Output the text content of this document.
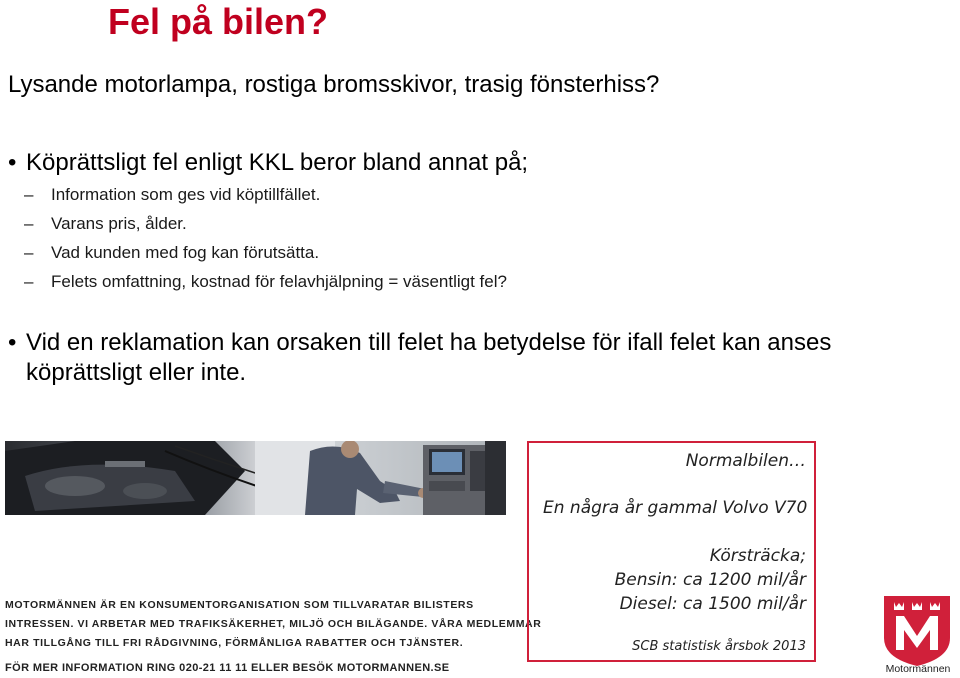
Fel på bilen?

Lysande motorlampa, rostiga bromsskivor, trasig fönsterhiss?

• Köprättsligt fel enligt KKL beror bland annat på;
–	Information som ges vid köptillfället.
–	Varans pris, ålder.
–	Vad kunden med fog kan förutsätta.
–	Felets omfattning, kostnad för felavhjälpning = väsentligt fel?
• Vid en reklamation kan orsaken till felet ha betydelse för ifall felet kan anses köprättsligt eller inte.
MOTORMÄNNEN ÄR EN KONSUMENTORGANISATION SOM TILLVARATAR BILISTERS
INTRESSEN. VI ARBETAR MED TRAFIKSÄKERHET, MILJÖ OCH BILÄGANDE. VÅRA MEDLEMMAR
HAR TILLGÅNG TILL FRI RÅDGIVNING, FÖRMÅNLIGA RABATTER OCH TJÄNSTER.
FÖR MER INFORMATION RING 020-21 11 11 ELLER BESÖK MOTORMANNEN.SE
Normalbilen…
En några år gammal Volvo V70
Körsträcka;
Bensin: ca 1200 mil/år
Diesel: ca 1500 mil/år
SCB statistisk årsbok 2013
Motormännen
